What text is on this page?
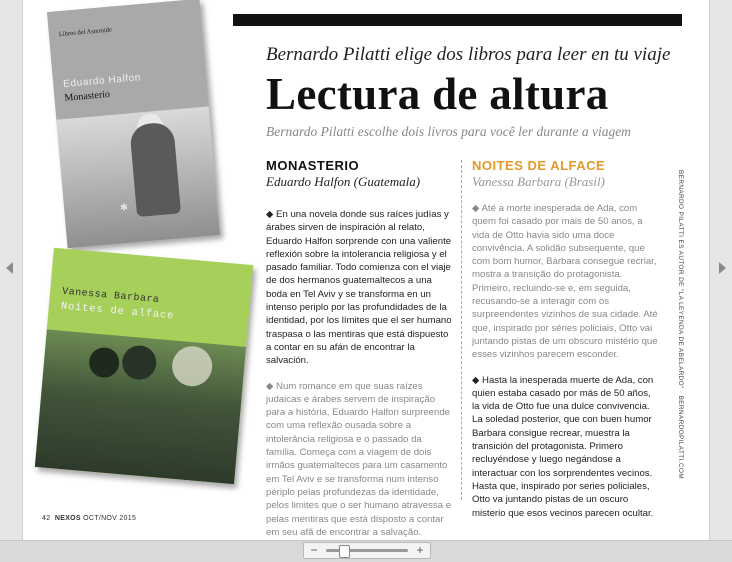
Libros del Asteroide
Eduardo Halfon
Monasterio
✻
Vanessa Barbara
Noites de alface
Bernardo Pilatti elige dos libros para leer en tu viaje
Lectura de altura
Bernardo Pilatti escolhe dois livros para você ler durante a viagem
MONASTERIO
Eduardo Halfon (Guatemala)

◆ En una novela donde sus raíces judías y árabes sirven de inspiración al relato, Eduardo Halfon sorprende con una valiente reflexión sobre la intolerancia religiosa y el pasado familiar. Todo comienza con el viaje de dos hermanos guatemaltecos a una boda en Tel Aviv y se transforma en un intenso periplo por las profundidades de la identidad, por los límites que el ser humano traspasa o las mentiras que está dispuesto a contar en su afán de encontrar la salvación.

◆ Num romance em que suas raízes judaicas e árabes servem de inspiração para a história, Eduardo Halfon surpreende com uma reflexão ousada sobre a intolerância religiosa e o passado da família. Começa com a viagem de dois irmãos guatemaltecos para um casamento em Tel Aviv e se transforma num intenso périplo pelas profundezas da identidade, pelos limites que o ser humano atravessa e pelas mentiras que está disposto a contar em seu afã de encontrar a salvação.

NOITES DE ALFACE
Vanessa Barbara (Brasil)

◆ Até a morte inesperada de Ada, com quem foi casado por mais de 50 anos, a vida de Otto havia sido uma doce convivência. A solidão subsequente, que com bom humor, Bárbara consegue recriar, mostra a transição do protagonista. Primeiro, recluindo-se e, em seguida, recusando-se a interagir com os surpreendentes vizinhos de sua cidade. Até que, inspirado por séries policiais, Otto vai juntando pistas de um obscuro mistério que esses vizinhos parecem esconder.

◆ Hasta la inesperada muerte de Ada, con quien estaba casado por más de 50 años, la vida de Otto fue una dulce convivencia. La soledad posterior, que con buen humor Barbara consigue recrear, muestra la transición del protagonista. Primero recluyéndose y luego negándose a interactuar con los sorprendentes vecinos. Hasta que, inspirado por series policiales, Otto va juntando pistas de un oscuro misterio que esos vecinos parecen ocultar.

BERNARDO PILATTI ES AUTOR DE "LA LEYENDA DE ABELARDO" · BERNARDOPILATTI.COM
42 NEXOS OCT/NOV 2015
−	+
